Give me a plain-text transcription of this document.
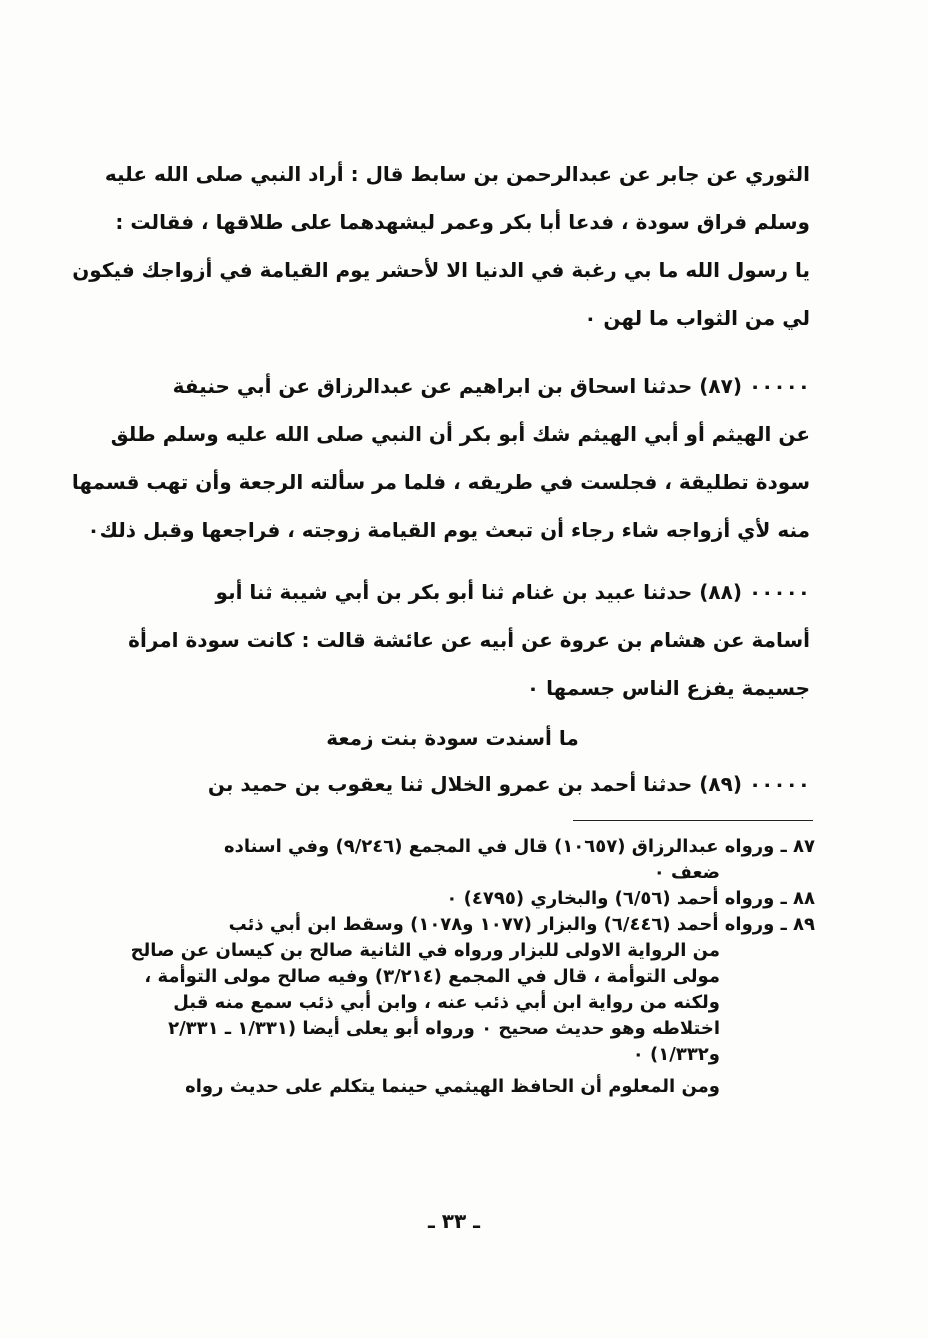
الثوري عن جابر عن عبدالرحمن بن سابط قال : أراد النبي صلى الله عليه
وسلم فراق سودة ، فدعا أبا بكر وعمر ليشهدهما على طلاقها ، فقالت :
يا رسول الله ما بي رغبة في الدنيا الا لأحشر يوم القيامة في أزواجك فيكون
لي من الثواب ما لهن ٠
٠٠٠٠٠ (٨٧) حدثنا اسحاق بن ابراهيم عن عبدالرزاق عن أبي حنيفة
عن الهيثم أو أبي الهيثم شك أبو بكر أن النبي صلى الله عليه وسلم طلق
سودة تطليقة ، فجلست في طريقه ، فلما مر سألته الرجعة وأن تهب قسمها
منه لأي أزواجه شاء رجاء أن تبعث يوم القيامة زوجته ، فراجعها وقبل ذلك٠
٠٠٠٠٠ (٨٨) حدثنا عبيد بن غنام ثنا أبو بكر بن أبي شيبة ثنا أبو
أسامة عن هشام بن عروة عن أبيه عن عائشة قالت : كانت سودة امرأة
جسيمة يفزع الناس جسمها ٠
ما أسندت سودة بنت زمعة
٠٠٠٠٠ (٨٩) حدثنا أحمد بن عمرو الخلال ثنا يعقوب بن حميد بن
٨٧ ـ ورواه عبدالرزاق (١٠٦٥٧) قال في المجمع (٩/٢٤٦) وفي اسناده
ضعف ٠
٨٨ ـ ورواه أحمد (٦/٥٦) والبخاري (٤٧٩٥) ٠
٨٩ ـ ورواه أحمد (٦/٤٤٦) والبزار (١٠٧٧ و١٠٧٨) وسقط ابن أبي ذئب
من الرواية الاولى للبزار ورواه في الثانية صالح بن كيسان عن صالح
مولى التوأمة ، قال في المجمع (٣/٢١٤) وفيه صالح مولى التوأمة ،
ولكنه من رواية ابن أبي ذئب عنه ، وابن أبي ذئب سمع منه قبل
اختلاطه وهو حديث صحيح ٠ ورواه أبو يعلى أيضا (١/٣٣١ ـ ٢/٣٣١
و١/٣٣٢) ٠
ومن المعلوم أن الحافظ الهيثمي حينما يتكلم على حديث رواه
ـ ٣٣ ـ
